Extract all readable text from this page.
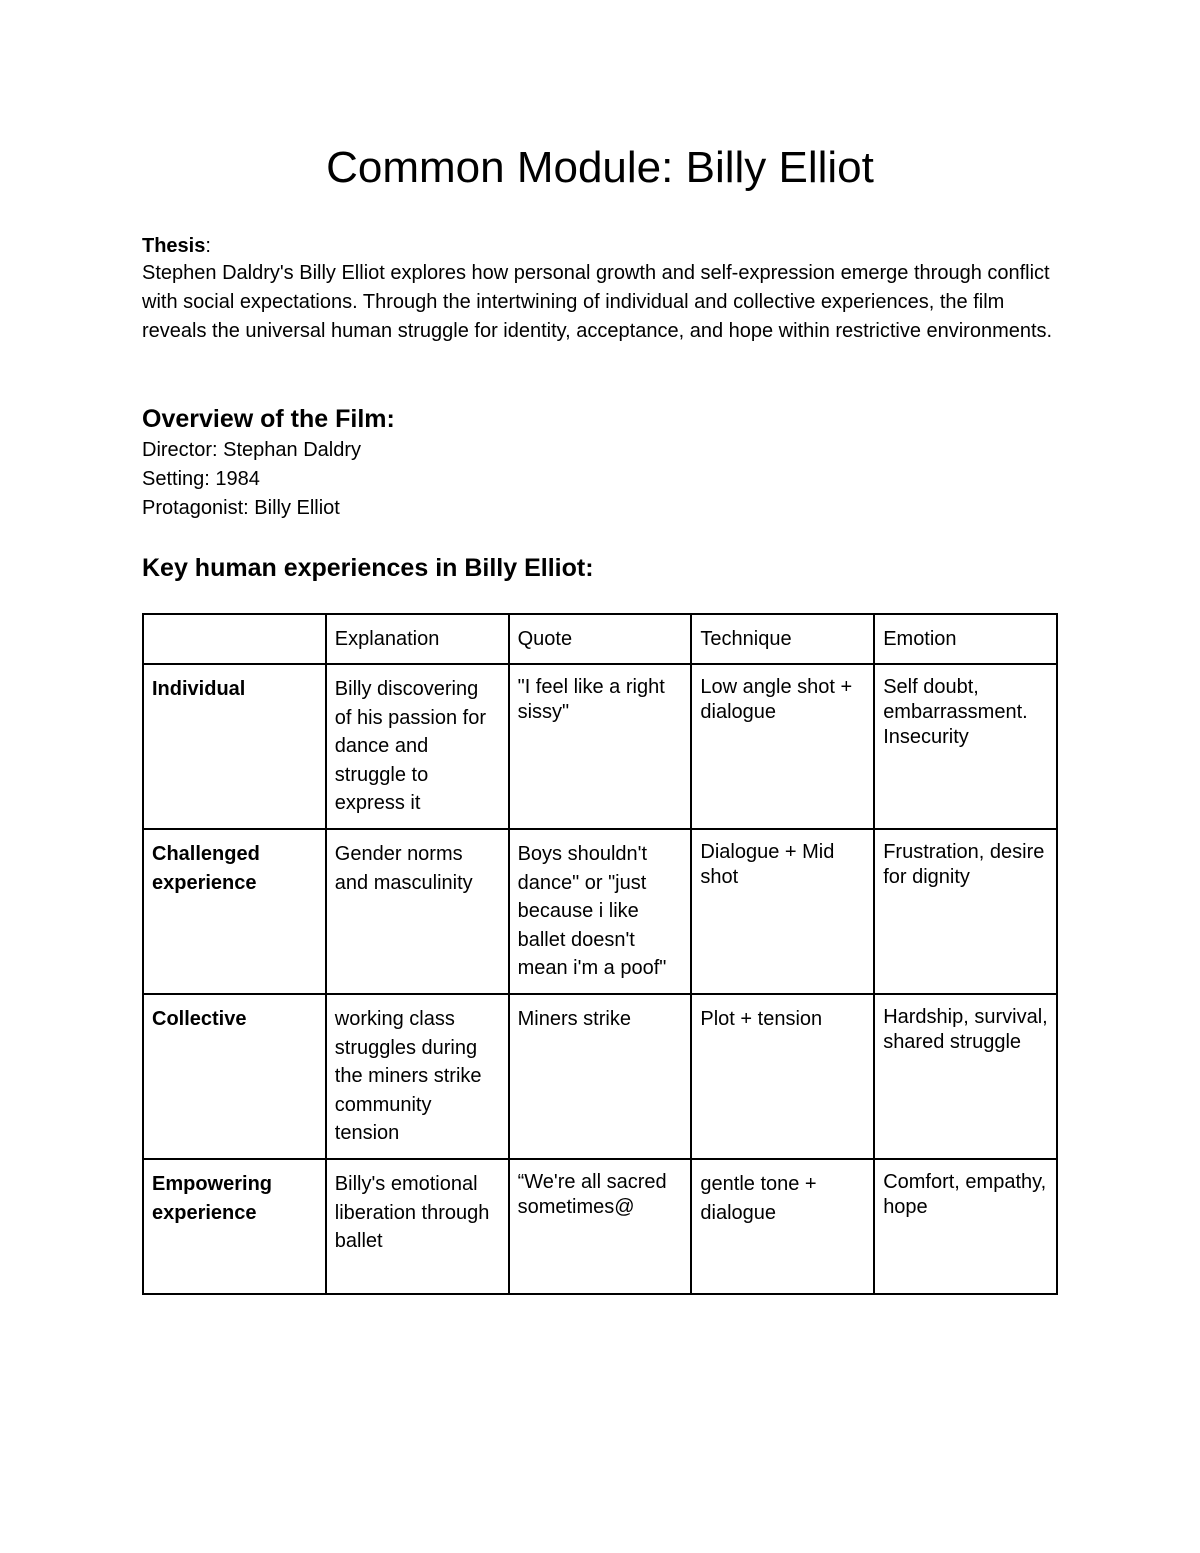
Common Module: Billy Elliot
Thesis:
Stephen Daldry's Billy Elliot explores how personal growth and self-expression emerge through conflict with social expectations. Through the intertwining of individual and collective experiences, the film reveals the universal human struggle for identity, acceptance, and hope within restrictive environments.
Overview of the Film:
Director: Stephan Daldry
Setting: 1984
Protagonist: Billy Elliot
Key human experiences in Billy Elliot:
	Explanation	Quote	Technique	Emotion
Individual	Billy discovering of his passion for dance and struggle to express it	"I feel like a right sissy"	Low angle shot + dialogue	Self doubt, embarrassment. Insecurity
Challenged experience	Gender norms and masculinity	Boys shouldn't dance" or "just because i like ballet doesn't mean i'm a poof"	Dialogue + Mid shot	Frustration, desire for dignity
Collective	working class struggles during the miners strike community tension	Miners strike	Plot + tension	Hardship, survival, shared struggle
Empowering experience	Billy's emotional liberation through ballet	“We're all sacred sometimes@	gentle tone + dialogue	Comfort, empathy, hope
